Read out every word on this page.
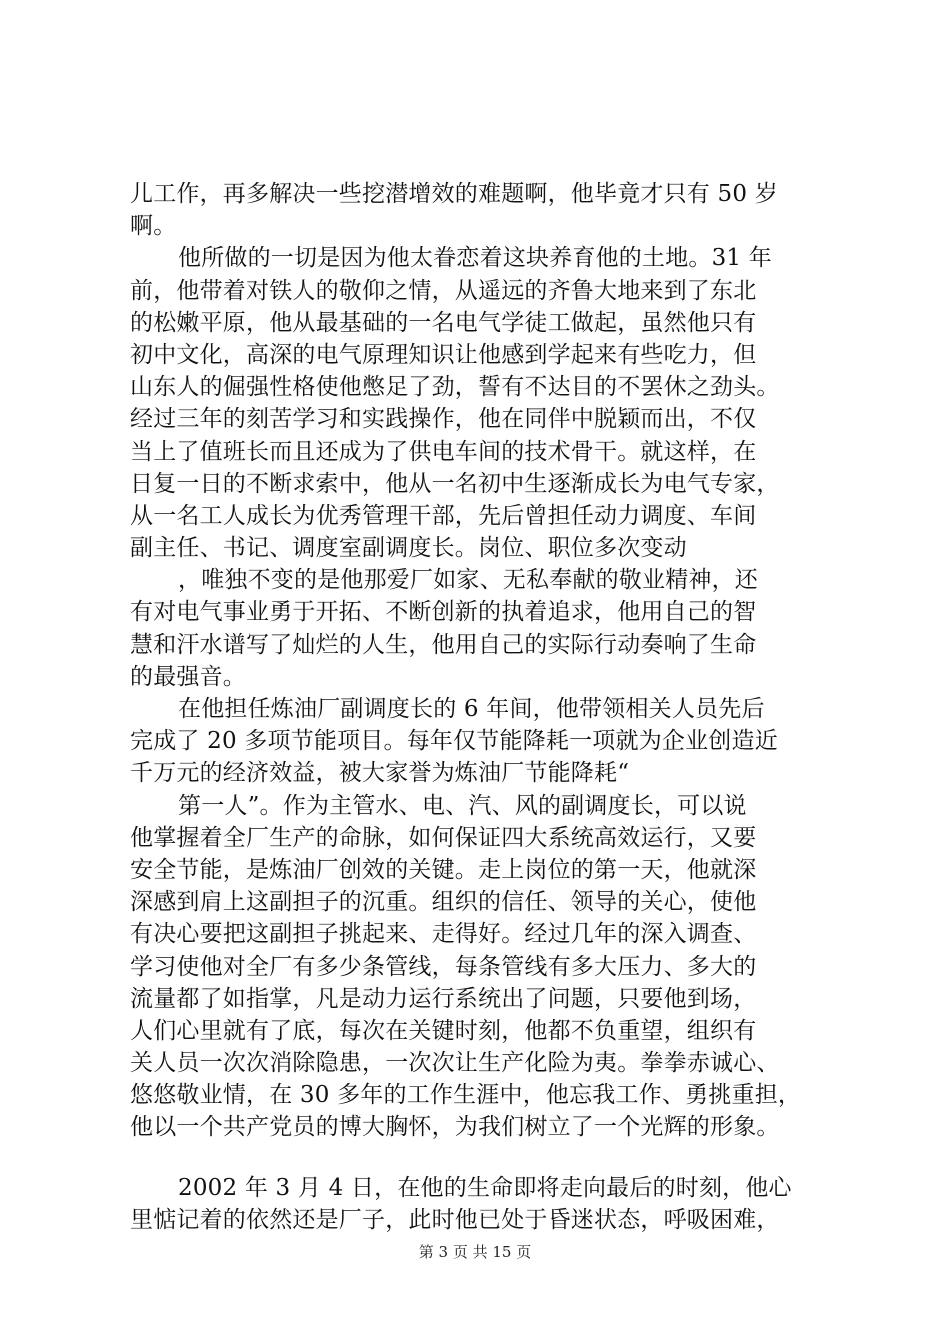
儿工作，再多解决一些挖潜增效的难题啊，他毕竟才只有 50 岁
啊。
他所做的一切是因为他太眷恋着这块养育他的土地。31 年
前，他带着对铁人的敬仰之情，从遥远的齐鲁大地来到了东北
的松嫩平原，他从最基础的一名电气学徒工做起，虽然他只有
初中文化，高深的电气原理知识让他感到学起来有些吃力，但
山东人的倔强性格使他憋足了劲，誓有不达目的不罢休之劲头。
经过三年的刻苦学习和实践操作，他在同伴中脱颖而出，不仅
当上了值班长而且还成为了供电车间的技术骨干。就这样，在
日复一日的不断求索中，他从一名初中生逐渐成长为电气专家，
从一名工人成长为优秀管理干部，先后曾担任动力调度、车间
副主任、书记、调度室副调度长。岗位、职位多次变动
，唯独不变的是他那爱厂如家、无私奉献的敬业精神，还
有对电气事业勇于开拓、不断创新的执着追求，他用自己的智
慧和汗水谱写了灿烂的人生，他用自己的实际行动奏响了生命
的最强音。
在他担任炼油厂副调度长的 6 年间，他带领相关人员先后
完成了 20 多项节能项目。每年仅节能降耗一项就为企业创造近
千万元的经济效益，被大家誉为炼油厂节能降耗“
第一人”。作为主管水、电、汽、风的副调度长，可以说
他掌握着全厂生产的命脉，如何保证四大系统高效运行，又要
安全节能，是炼油厂创效的关键。走上岗位的第一天，他就深
深感到肩上这副担子的沉重。组织的信任、领导的关心，使他
有决心要把这副担子挑起来、走得好。经过几年的深入调查、
学习使他对全厂有多少条管线，每条管线有多大压力、多大的
流量都了如指掌，凡是动力运行系统出了问题，只要他到场，
人们心里就有了底，每次在关键时刻，他都不负重望，组织有
关人员一次次消除隐患，一次次让生产化险为夷。拳拳赤诚心、
悠悠敬业情，在 30 多年的工作生涯中，他忘我工作、勇挑重担，
他以一个共产党员的博大胸怀，为我们树立了一个光辉的形象。
2002 年 3 月 4 日，在他的生命即将走向最后的时刻，他心
里惦记着的依然还是厂子，此时他已处于昏迷状态，呼吸困难，
第 3 页 共 15 页
